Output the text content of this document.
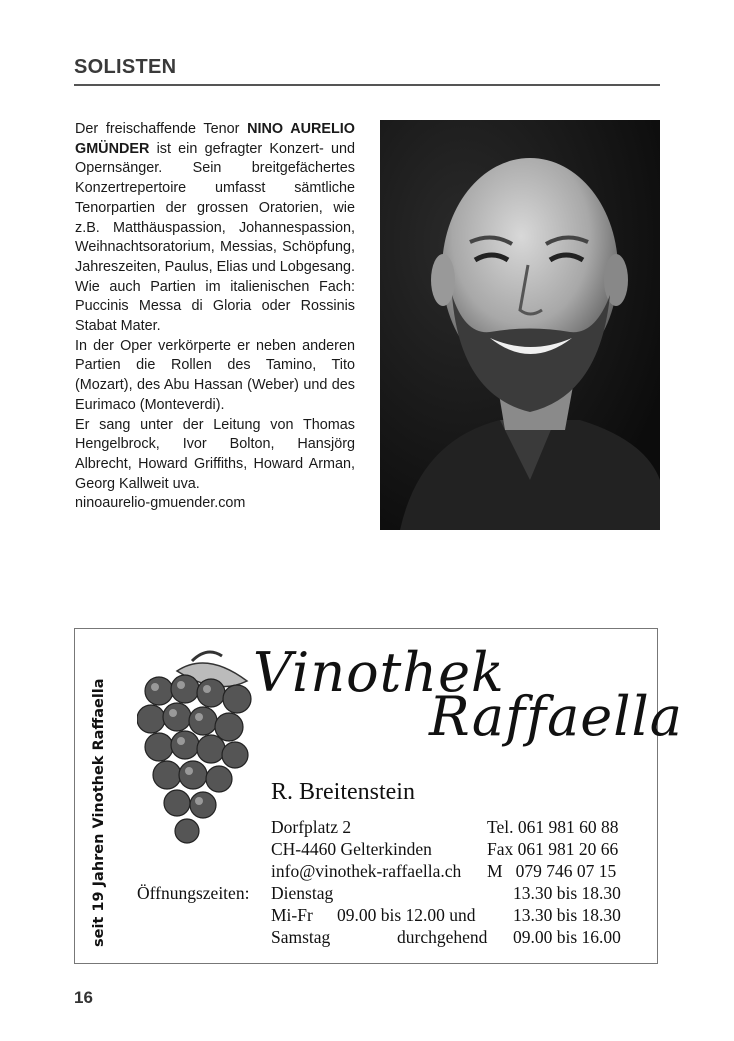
SOLISTEN

Der freischaffende Tenor NINO AURELIO GMÜNDER ist ein gefragter Konzert- und Opernsänger. Sein breitgefächertes Konzertrepertoire umfasst sämtliche Tenorpartien der grossen Oratorien, wie z.B. Matthäuspassion, Johannespassion, Weihnachtsoratorium, Messias, Schöpfung, Jahreszeiten, Paulus, Elias und Lobgesang. Wie auch Partien im italienischen Fach: Puccinis Messa di Gloria oder Rossinis Stabat Mater.

In der Oper verkörperte er neben anderen Partien die Rollen des Tamino, Tito (Mozart), des Abu Hassan (Weber) und des Eurimaco (Monteverdi).

Er sang unter der Leitung von Thomas Hengelbrock, Ivor Bolton, Hansjörg Albrecht, Howard Griffiths, Howard Arman, Georg Kallweit uva.

ninoaurelio-gmuender.com

seit 19 Jahren Vinothek Raffaella
Vinothek
Raffaella
R. Breitenstein
Dorfplatz 2
CH-4460 Gelterkinden
info@vinothek-raffaella.ch
Tel. 061 981 60 88
Fax 061 981 20 66
M   079 746 07 15
Öffnungszeiten: Dienstag	13.30 bis 18.30
Mi-Fr 09.00 bis 12.00 und 13.30 bis 18.30
Samstag	durchgehend 09.00 bis 16.00
16
